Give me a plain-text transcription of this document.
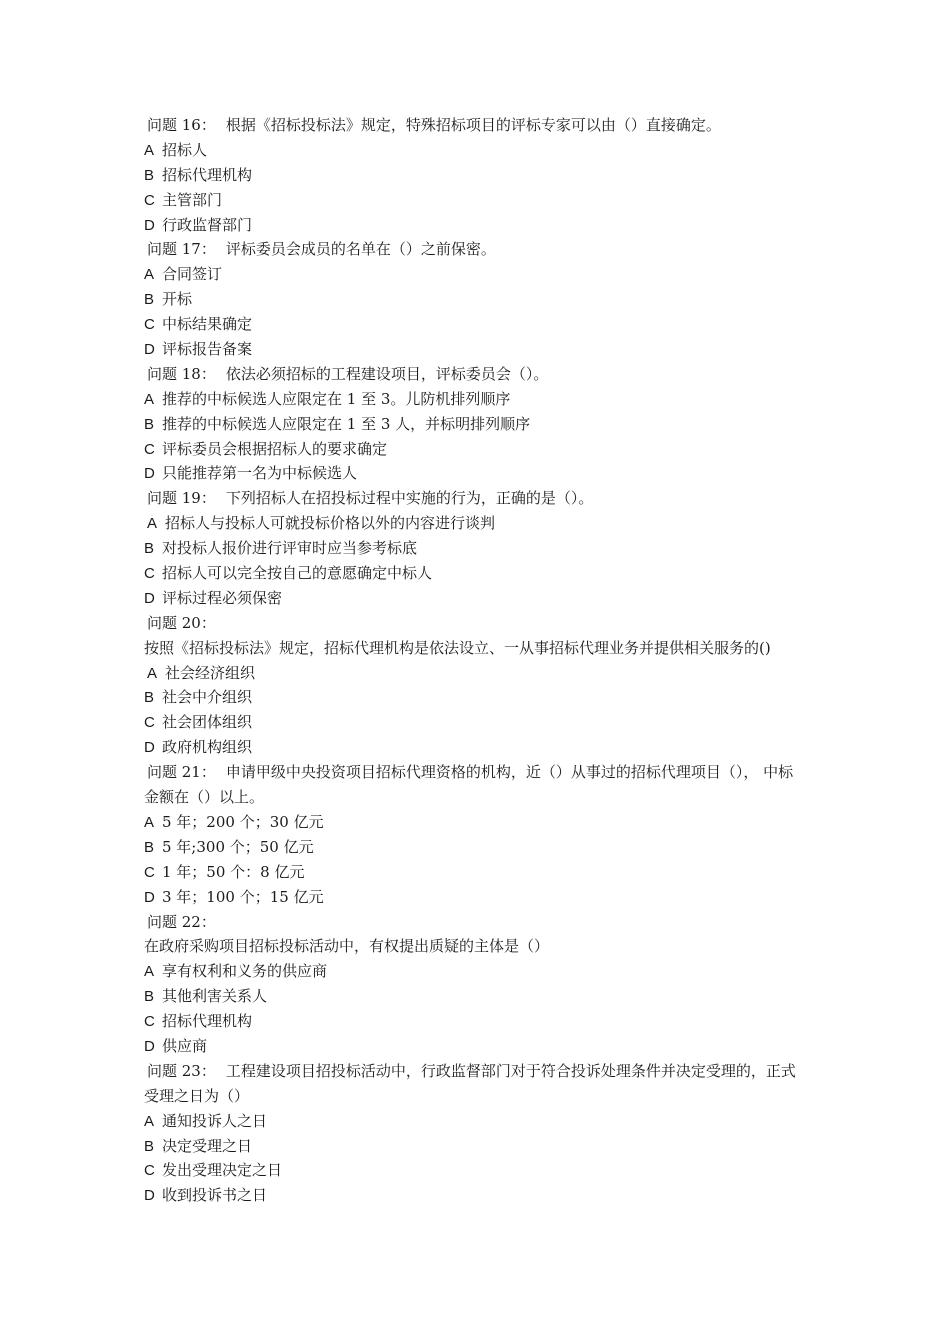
问题 16： 根据《招标投标法》规定，特殊招标项目的评标专家可以由（）直接确定。
A 招标人
B 招标代理机构
C 主管部门
D 行政监督部门
问题 17： 评标委员会成员的名单在（）之前保密。
A 合同签订
B 开标
C 中标结果确定
D 评标报告备案
问题 18： 依法必须招标的工程建设项目，评标委员会（）。
A 推荐的中标候选人应限定在 1 至 3。儿防机排列顺序
B 推荐的中标候选人应限定在 1 至 3 人，并标明排列顺序
C 评标委员会根据招标人的要求确定
D 只能推荐第一名为中标候选人
问题 19： 下列招标人在招投标过程中实施的行为，正确的是（）。
A 招标人与投标人可就投标价格以外的内容进行谈判
B 对投标人报价进行评审时应当参考标底
C 招标人可以完全按自己的意愿确定中标人
D 评标过程必须保密
问题 20：
按照《招标投标法》规定，招标代理机构是依法设立、一从事招标代理业务并提供相关服务的()
A 社会经济组织
B 社会中介组织
C 社会团体组织
D 政府机构组织
问题 21： 申请甲级中央投资项目招标代理资格的机构，近（）从事过的招标代理项目（）， 中标
金额在（）以上。
A 5 年；200 个；30 亿元
B 5 年;300 个；50 亿元
C 1 年；50 个：8 亿元
D 3 年；100 个；15 亿元
问题 22：
在政府采购项目招标投标活动中，有权提出质疑的主体是（）
A 享有权利和义务的供应商
B 其他利害关系人
C 招标代理机构
D 供应商
问题 23： 工程建设项目招投标活动中，行政监督部门对于符合投诉处理条件并决定受理的，正式
受理之日为（）
A 通知投诉人之日
B 决定受理之日
C 发出受理决定之日
D 收到投诉书之日
